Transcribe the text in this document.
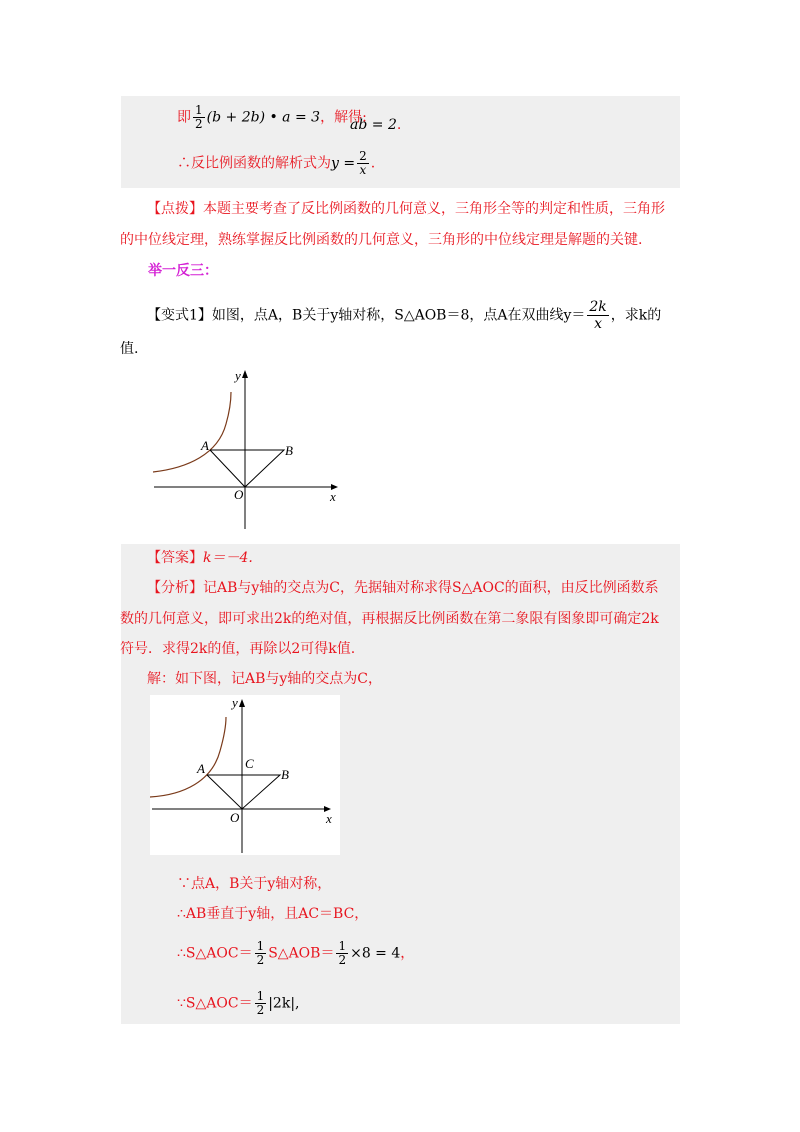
即 $\frac{1}{2} (b + 2b)$ • a = 3，解得:
ab = 2.
∴反比例函数的解析式为$y = \frac{2}{x}$ .
【点拨】本题主要考查了反比例函数的几何意义，三角形全等的判定和性质，三角形
的中位线定理，熟练掌握反比例函数的几何意义，三角形的中位线定理是解题的关键.
举一反三：
【变式1】如图，点A，B关于y轴对称，S△AOB＝8，点A在双曲线$y= \frac{2k}{x}$ ，求k的
值.
y
x
O
A	B
【答案】k＝－4.
【分析】记AB与y轴的交点为C，先据轴对称求得S△AOC的面积，由反比例函数系
数的几何意义，即可求出2k的绝对值，再根据反比例函数在第二象限有图象即可确定2k
符号．求得2k的值，再除以2可得k值.
解：如下图，记AB与y轴的交点为C，
y
x
O
A	B
C
∵点A，B关于y轴对称，
∴AB垂直于y轴，且AC＝BC，
∴S△AOC＝ $\frac{1}{2}$ S△AOB＝ $\frac{1}{2} \times 8 = 4$，
∵S△AOC＝ $\frac{1}{2} |2k|$,
